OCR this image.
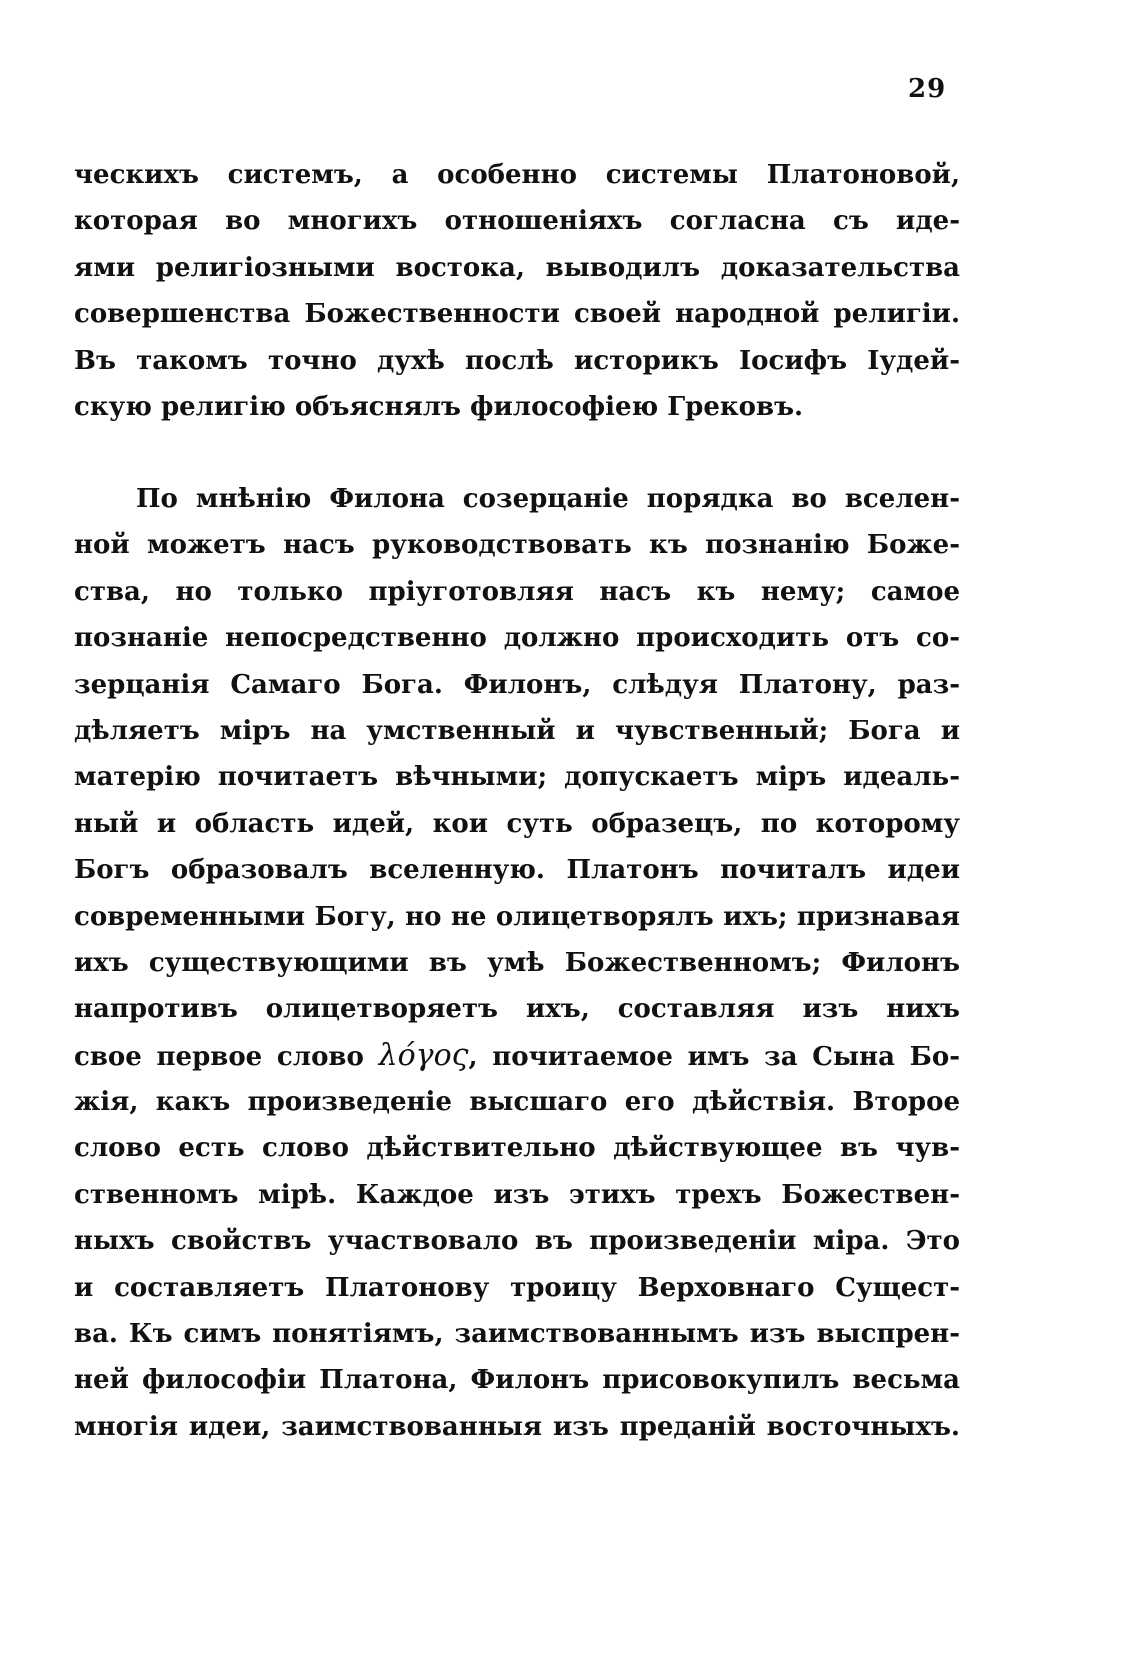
29
ческихъ системъ, а особенно системы Платоновой,
которая во многихъ отношеніяхъ согласна съ иде-
ями религіозными востока, выводилъ доказательства
совершенства Божественности своей народной религіи.
Въ такомъ точно духѣ послѣ историкъ Іосифъ Іудей-
скую религію объяснялъ философіею Грековъ.
По мнѣнію Филона созерцаніе порядка во вселен-
ной можетъ насъ руководствовать къ познанію Боже-
ства, но только пріуготовляя насъ къ нему; самое
познаніе непосредственно должно происходить отъ со-
зерцанія Самаго Бога. Филонъ, слѣдуя Платону, раз-
дѣляетъ міръ на умственный и чувственный; Бога и
матерію почитаетъ вѣчными; допускаетъ міръ идеаль-
ный и область идей, кои суть образецъ, по которому
Богъ образовалъ вселенную. Платонъ почиталъ идеи
современными Богу, но не олицетворялъ ихъ; признавая
ихъ существующими въ умѣ Божественномъ; Филонъ
напротивъ олицетворяетъ ихъ, составляя изъ нихъ
свое первое слово λόγος, почитаемое имъ за Сына Бо-
жія, какъ произведеніе высшаго его дѣйствія. Второе
слово есть слово дѣйствительно дѣйствующее въ чув-
ственномъ мірѣ. Каждое изъ этихъ трехъ Божествен-
ныхъ свойствъ участвовало въ произведеніи міра. Это
и составляетъ Платонову троицу Верховнаго Сущест-
ва. Къ симъ понятіямъ, заимствованнымъ изъ выспрен-
ней философіи Платона, Филонъ присовокупилъ весьма
многія идеи, заимствованныя изъ преданій восточныхъ.
